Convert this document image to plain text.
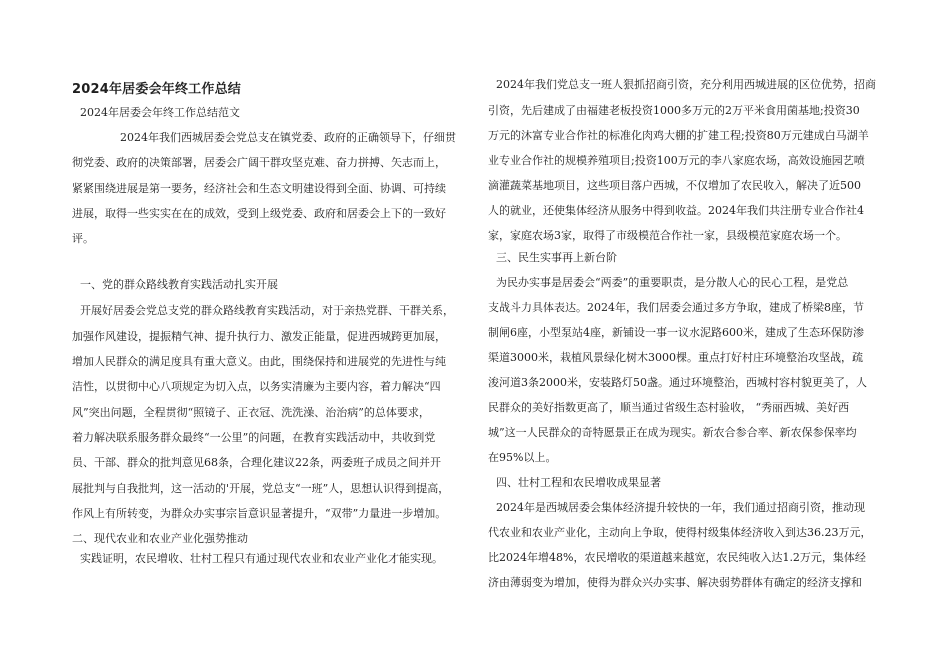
2024年居委会年终工作总结
2024年居委会年终工作总结范文
2024年我们西城居委会党总支在镇党委、政府的正确领导下，仔细贯
彻党委、政府的决策部署，居委会广阔干群攻坚克难、奋力拼搏、矢志而上，
紧紧围绕进展是第一要务，经济社会和生态文明建设得到全面、协调、可持续
进展，取得一些实实在在的成效，受到上级党委、政府和居委会上下的一致好
评。
一、党的群众路线教育实践活动扎实开展
开展好居委会党总支党的群众路线教育实践活动，对于亲热党群、干群关系，
加强作风建设，提振精气神、提升执行力、激发正能量，促进西城跨更加展，
增加人民群众的满足度具有重大意义。由此，围绕保持和进展党的先进性与纯
洁性，以贯彻中心八项规定为切入点，以务实清廉为主要内容，着力解决“四
风”突出问题，全程贯彻“照镜子、正衣冠、洗洗澡、治治病”的总体要求，
着力解决联系服务群众最终“一公里”的问题，在教育实践活动中，共收到党
员、干部、群众的批判意见68条，合理化建议22条，两委班子成员之间并开
展批判与自我批判，这一活动的'开展，党总支“一班”人，思想认识得到提高，
作风上有所转变，为群众办实事宗旨意识显著提升，“双带”力量进一步增加。
二、现代农业和农业产业化强势推动
实践证明，农民增收、壮村工程只有通过现代农业和农业产业化才能实现。
2024年我们党总支一班人狠抓招商引资，充分利用西城进展的区位优势，招商
引资，先后建成了由福建老板投资1000多万元的2万平米食用菌基地;投资30
万元的沐富专业合作社的标准化肉鸡大棚的扩建工程;投资80万元建成白马湖羊
业专业合作社的规模养殖项目;投资100万元的李八家庭农场，高效设施园艺喷
滴灌蔬菜基地项目，这些项目落户西城，不仅增加了农民收入，解决了近500
人的就业，还使集体经济从服务中得到收益。2024年我们共注册专业合作社4
家，家庭农场3家，取得了市级模范合作社一家，县级模范家庭农场一个。
三、民生实事再上新台阶
为民办实事是居委会“两委”的重要职责，是分散人心的民心工程，是党总
支战斗力具体表达。2024年，我们居委会通过多方争取，建成了桥梁8座，节
制闸6座，小型泵站4座，新铺设一事一议水泥路600米，建成了生态环保防渗
渠道3000米，栽植风景绿化树木3000棵。重点打好村庄环境整治攻坚战，疏
浚河道3条2000米，安装路灯50盏。通过环境整治，西城村容村貌更美了，人
民群众的美好指数更高了，顺当通过省级生态村验收， “秀丽西城、美好西
城”这一人民群众的奇特愿景正在成为现实。新农合参合率、新农保参保率均
在95%以上。
四、壮村工程和农民增收成果显著
2024年是西城居委会集体经济提升较快的一年，我们通过招商引资，推动现
代农业和农业产业化，主动向上争取，使得村级集体经济收入到达36.23万元，
比2024年增48%，农民增收的渠道越来越宽，农民纯收入达1.2万元，集体经
济由薄弱变为增加，使得为群众兴办实事、解决弱势群体有确定的经济支撑和
